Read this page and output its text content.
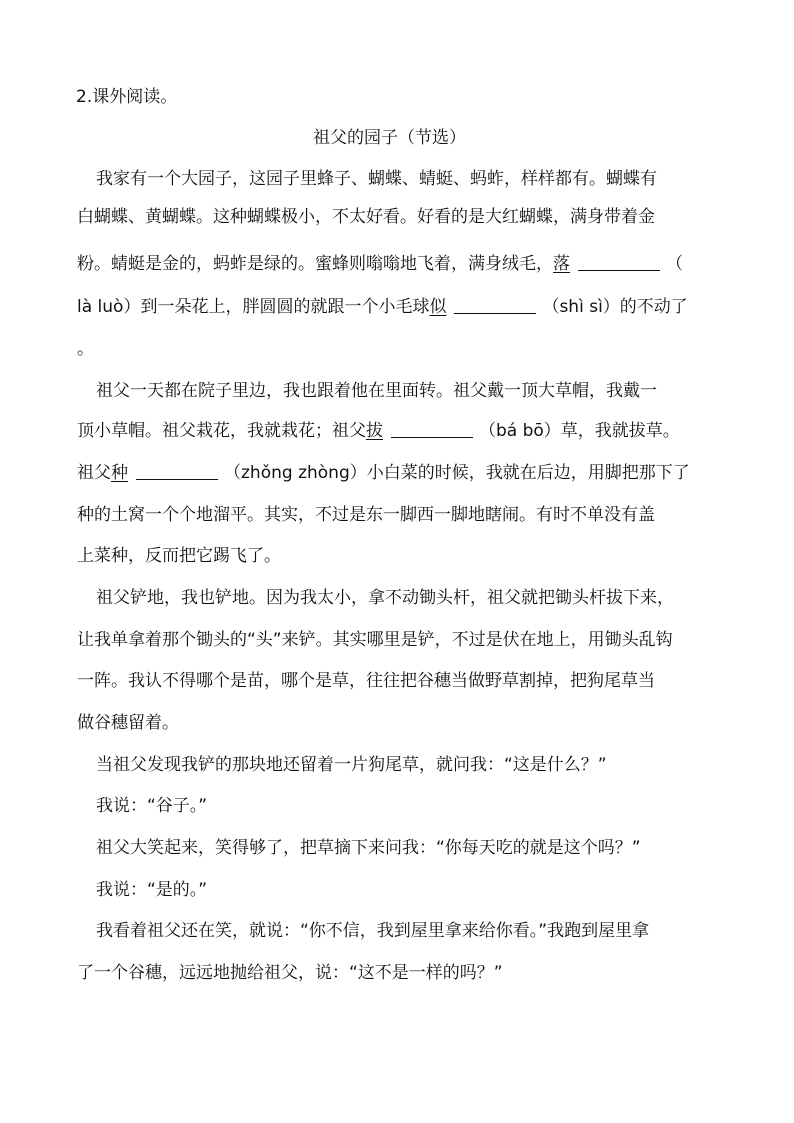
2.课外阅读。
祖父的园子（节选）
我家有一个大园子，这园子里蜂子、蝴蝶、蜻蜓、蚂蚱，样样都有。蝴蝶有
白蝴蝶、黄蝴蝶。这种蝴蝶极小，不太好看。好看的是大红蝴蝶，满身带着金
粉。蜻蜓是金的，蚂蚱是绿的。蜜蜂则嗡嗡地飞着，满身绒毛，落	（
là luò）到一朵花上，胖圆圆的就跟一个小毛球似	（shì sì）的不动了
。
祖父一天都在院子里边，我也跟着他在里面转。祖父戴一顶大草帽，我戴一
顶小草帽。祖父栽花，我就栽花；祖父拔	（bá bō）草，我就拔草。
祖父种	（zhǒng zhòng）小白菜的时候，我就在后边，用脚把那下了
种的土窝一个个地溜平。其实，不过是东一脚西一脚地瞎闹。有时不单没有盖
上菜种，反而把它踢飞了。
祖父铲地，我也铲地。因为我太小，拿不动锄头杆，祖父就把锄头杆拔下来，
让我单拿着那个锄头的“头”来铲。其实哪里是铲，不过是伏在地上，用锄头乱钩
一阵。我认不得哪个是苗，哪个是草，往往把谷穗当做野草割掉，把狗尾草当
做谷穗留着。
当祖父发现我铲的那块地还留着一片狗尾草，就问我：“这是什么？”
我说：“谷子。”
祖父大笑起来，笑得够了，把草摘下来问我：“你每天吃的就是这个吗？”
我说：“是的。”
我看着祖父还在笑，就说：“你不信，我到屋里拿来给你看。”我跑到屋里拿
了一个谷穗，远远地抛给祖父，说：“这不是一样的吗？”
